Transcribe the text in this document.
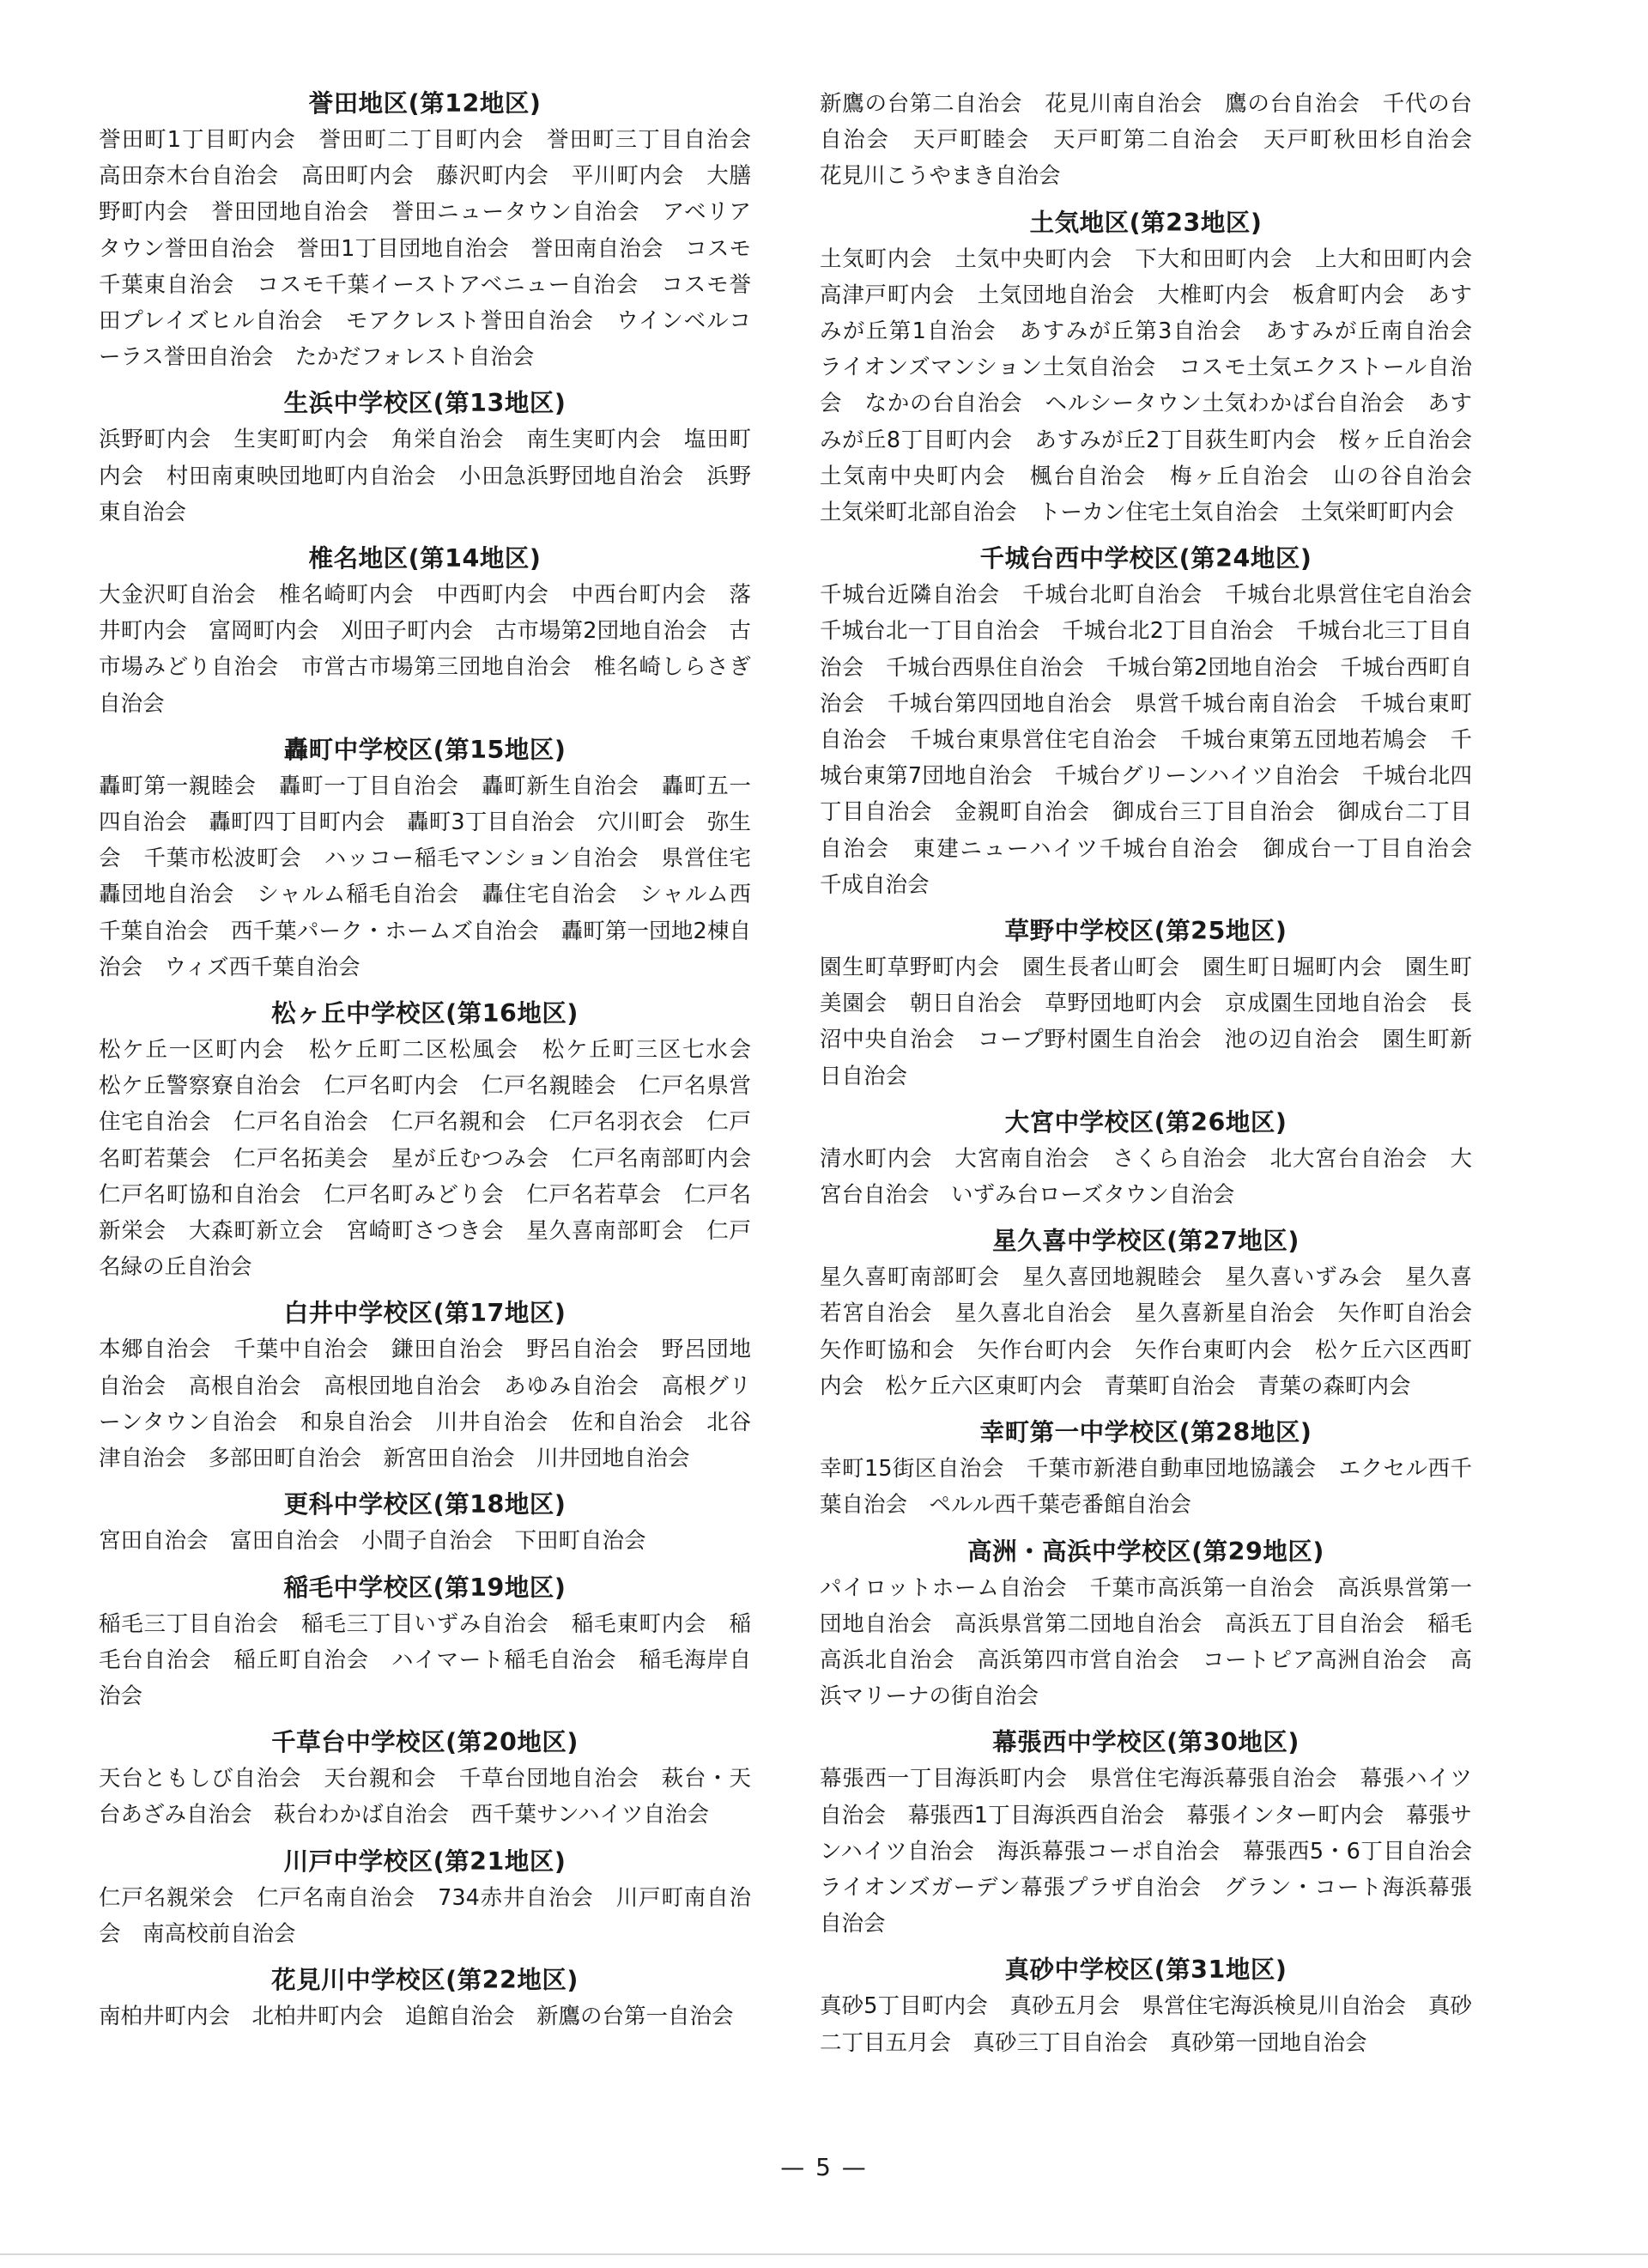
誉田地区(第12地区)

誉田町1丁目町内会　誉田町二丁目町内会　誉田町三丁目自治会　高田奈木台自治会　高田町内会　藤沢町内会　平川町内会　大膳野町内会　誉田団地自治会　誉田ニュータウン自治会　アベリアタウン誉田自治会　誉田1丁目団地自治会　誉田南自治会　コスモ千葉東自治会　コスモ千葉イーストアベニュー自治会　コスモ誉田プレイズヒル自治会　モアクレスト誉田自治会　ウインベルコーラス誉田自治会　たかだフォレスト自治会

生浜中学校区(第13地区)

浜野町内会　生実町町内会　角栄自治会　南生実町内会　塩田町内会　村田南東映団地町内自治会　小田急浜野団地自治会　浜野東自治会

椎名地区(第14地区)

大金沢町自治会　椎名崎町内会　中西町内会　中西台町内会　落井町内会　富岡町内会　刈田子町内会　古市場第2団地自治会　古市場みどり自治会　市営古市場第三団地自治会　椎名崎しらさぎ自治会

轟町中学校区(第15地区)

轟町第一親睦会　轟町一丁目自治会　轟町新生自治会　轟町五一四自治会　轟町四丁目町内会　轟町3丁目自治会　穴川町会　弥生会　千葉市松波町会　ハッコー稲毛マンション自治会　県営住宅轟団地自治会　シャルム稲毛自治会　轟住宅自治会　シャルム西千葉自治会　西千葉パーク・ホームズ自治会　轟町第一団地2棟自治会　ウィズ西千葉自治会

松ヶ丘中学校区(第16地区)

松ケ丘一区町内会　松ケ丘町二区松風会　松ケ丘町三区七水会　松ケ丘警察寮自治会　仁戸名町内会　仁戸名親睦会　仁戸名県営住宅自治会　仁戸名自治会　仁戸名親和会　仁戸名羽衣会　仁戸名町若葉会　仁戸名拓美会　星が丘むつみ会　仁戸名南部町内会　仁戸名町協和自治会　仁戸名町みどり会　仁戸名若草会　仁戸名新栄会　大森町新立会　宮崎町さつき会　星久喜南部町会　仁戸名緑の丘自治会

白井中学校区(第17地区)

本郷自治会　千葉中自治会　鎌田自治会　野呂自治会　野呂団地自治会　高根自治会　高根団地自治会　あゆみ自治会　高根グリーンタウン自治会　和泉自治会　川井自治会　佐和自治会　北谷津自治会　多部田町自治会　新宮田自治会　川井団地自治会

更科中学校区(第18地区)

宮田自治会　富田自治会　小間子自治会　下田町自治会

稲毛中学校区(第19地区)

稲毛三丁目自治会　稲毛三丁目いずみ自治会　稲毛東町内会　稲毛台自治会　稲丘町自治会　ハイマート稲毛自治会　稲毛海岸自治会

千草台中学校区(第20地区)

天台ともしび自治会　天台親和会　千草台団地自治会　萩台・天台あざみ自治会　萩台わかば自治会　西千葉サンハイツ自治会

川戸中学校区(第21地区)

仁戸名親栄会　仁戸名南自治会　734赤井自治会　川戸町南自治会　南高校前自治会

花見川中学校区(第22地区)

南柏井町内会　北柏井町内会　追館自治会　新鷹の台第一自治会

新鷹の台第二自治会　花見川南自治会　鷹の台自治会　千代の台自治会　天戸町睦会　天戸町第二自治会　天戸町秋田杉自治会　花見川こうやまき自治会

土気地区(第23地区)

土気町内会　土気中央町内会　下大和田町内会　上大和田町内会　高津戸町内会　土気団地自治会　大椎町内会　板倉町内会　あすみが丘第1自治会　あすみが丘第3自治会　あすみが丘南自治会　ライオンズマンション土気自治会　コスモ土気エクストール自治会　なかの台自治会　ヘルシータウン土気わかば台自治会　あすみが丘8丁目町内会　あすみが丘2丁目荻生町内会　桜ヶ丘自治会　土気南中央町内会　楓台自治会　梅ヶ丘自治会　山の谷自治会　土気栄町北部自治会　トーカン住宅土気自治会　土気栄町町内会

千城台西中学校区(第24地区)

千城台近隣自治会　千城台北町自治会　千城台北県営住宅自治会　千城台北一丁目自治会　千城台北2丁目自治会　千城台北三丁目自治会　千城台西県住自治会　千城台第2団地自治会　千城台西町自治会　千城台第四団地自治会　県営千城台南自治会　千城台東町自治会　千城台東県営住宅自治会　千城台東第五団地若鳩会　千城台東第7団地自治会　千城台グリーンハイツ自治会　千城台北四丁目自治会　金親町自治会　御成台三丁目自治会　御成台二丁目自治会　東建ニューハイツ千城台自治会　御成台一丁目自治会　千成自治会

草野中学校区(第25地区)

園生町草野町内会　園生長者山町会　園生町日堀町内会　園生町美園会　朝日自治会　草野団地町内会　京成園生団地自治会　長沼中央自治会　コープ野村園生自治会　池の辺自治会　園生町新日自治会

大宮中学校区(第26地区)

清水町内会　大宮南自治会　さくら自治会　北大宮台自治会　大宮台自治会　いずみ台ローズタウン自治会

星久喜中学校区(第27地区)

星久喜町南部町会　星久喜団地親睦会　星久喜いずみ会　星久喜若宮自治会　星久喜北自治会　星久喜新星自治会　矢作町自治会　矢作町協和会　矢作台町内会　矢作台東町内会　松ケ丘六区西町内会　松ケ丘六区東町内会　青葉町自治会　青葉の森町内会

幸町第一中学校区(第28地区)

幸町15街区自治会　千葉市新港自動車団地協議会　エクセル西千葉自治会　ペルル西千葉壱番館自治会

高洲・高浜中学校区(第29地区)

パイロットホーム自治会　千葉市高浜第一自治会　高浜県営第一団地自治会　高浜県営第二団地自治会　高浜五丁目自治会　稲毛高浜北自治会　高浜第四市営自治会　コートピア高洲自治会　高浜マリーナの街自治会

幕張西中学校区(第30地区)

幕張西一丁目海浜町内会　県営住宅海浜幕張自治会　幕張ハイツ自治会　幕張西1丁目海浜西自治会　幕張インター町内会　幕張サンハイツ自治会　海浜幕張コーポ自治会　幕張西5・6丁目自治会　ライオンズガーデン幕張プラザ自治会　グラン・コート海浜幕張自治会

真砂中学校区(第31地区)

真砂5丁目町内会　真砂五月会　県営住宅海浜検見川自治会　真砂二丁目五月会　真砂三丁目自治会　真砂第一団地自治会

— 5 —
